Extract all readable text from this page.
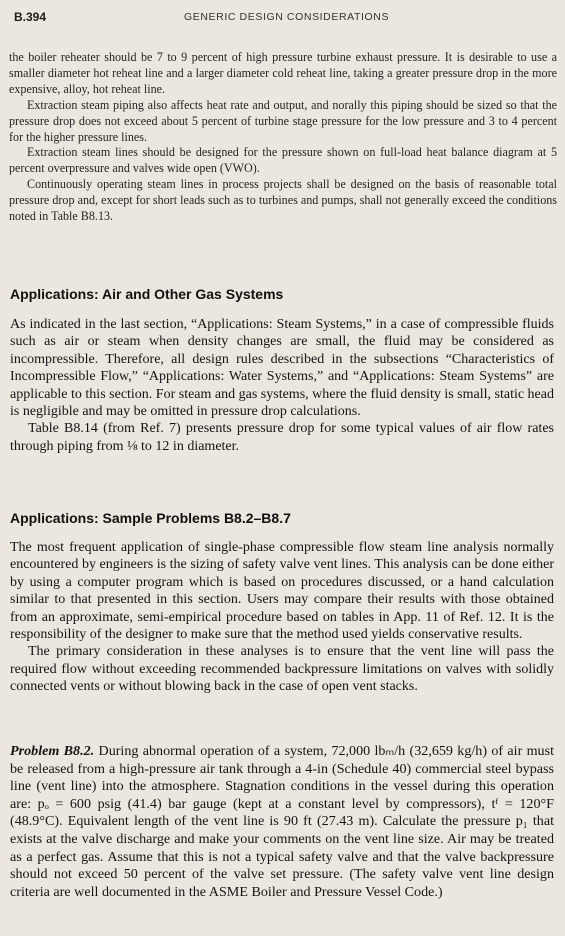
B.394	GENERIC DESIGN CONSIDERATIONS

the boiler reheater should be 7 to 9 percent of high pressure turbine exhaust pressure. It is desirable to use a smaller diameter hot reheat line and a larger diameter cold reheat line, taking a greater pressure drop in the more expensive, alloy, hot reheat line.

Extraction steam piping also affects heat rate and output, and norally this piping should be sized so that the pressure drop does not exceed about 5 percent of turbine stage pressure for the low pressure and 3 to 4 percent for the higher pressure lines.

Extraction steam lines should be designed for the pressure shown on full-load heat balance diagram at 5 percent overpressure and valves wide open (VWO).

Continuously operating steam lines in process projects shall be designed on the basis of reasonable total pressure drop and, except for short leads such as to turbines and pumps, shall not generally exceed the conditions noted in Table B8.13.

Applications: Air and Other Gas Systems

As indicated in the last section, “Applications: Steam Systems,” in a case of compressible fluids such as air or steam when density changes are small, the fluid may be considered as incompressible. Therefore, all design rules described in the subsections “Characteristics of Incompressible Flow,” “Applications: Water Systems,” and “Applications: Steam Systems” are applicable to this section. For steam and gas systems, where the fluid density is small, static head is negligible and may be omitted in pressure drop calculations.

Table B8.14 (from Ref. 7) presents pressure drop for some typical values of air flow rates through piping from ⅛ to 12 in diameter.

Applications: Sample Problems B8.2–B8.7

The most frequent application of single-phase compressible flow steam line analysis normally encountered by engineers is the sizing of safety valve vent lines. This analysis can be done either by using a computer program which is based on procedures discussed, or a hand calculation similar to that presented in this section. Users may compare their results with those obtained from an approximate, semi-empirical procedure based on tables in App. 11 of Ref. 12. It is the responsibility of the designer to make sure that the method used yields conservative results.

The primary consideration in these analyses is to ensure that the vent line will pass the required flow without exceeding recommended backpressure limitations on valves with solidly connected vents or without blowing back in the case of open vent stacks.

Problem B8.2. During abnormal operation of a system, 72,000 lbₘ/h (32,659 kg/h) of air must be released from a high-pressure air tank through a 4-in (Schedule 40) commercial steel bypass line (vent line) into the atmosphere. Stagnation conditions in the vessel during this operation are: pₒ = 600 psig (41.4) bar gauge (kept at a constant level by compressors), tᶠ = 120°F (48.9°C). Equivalent length of the vent line is 90 ft (27.43 m). Calculate the pressure p₁ that exists at the valve discharge and make your comments on the vent line size. Air may be treated as a perfect gas. Assume that this is not a typical safety valve and that the valve backpressure should not exceed 50 percent of the valve set pressure. (The safety valve vent line design criteria are well documented in the ASME Boiler and Pressure Vessel Code.)
